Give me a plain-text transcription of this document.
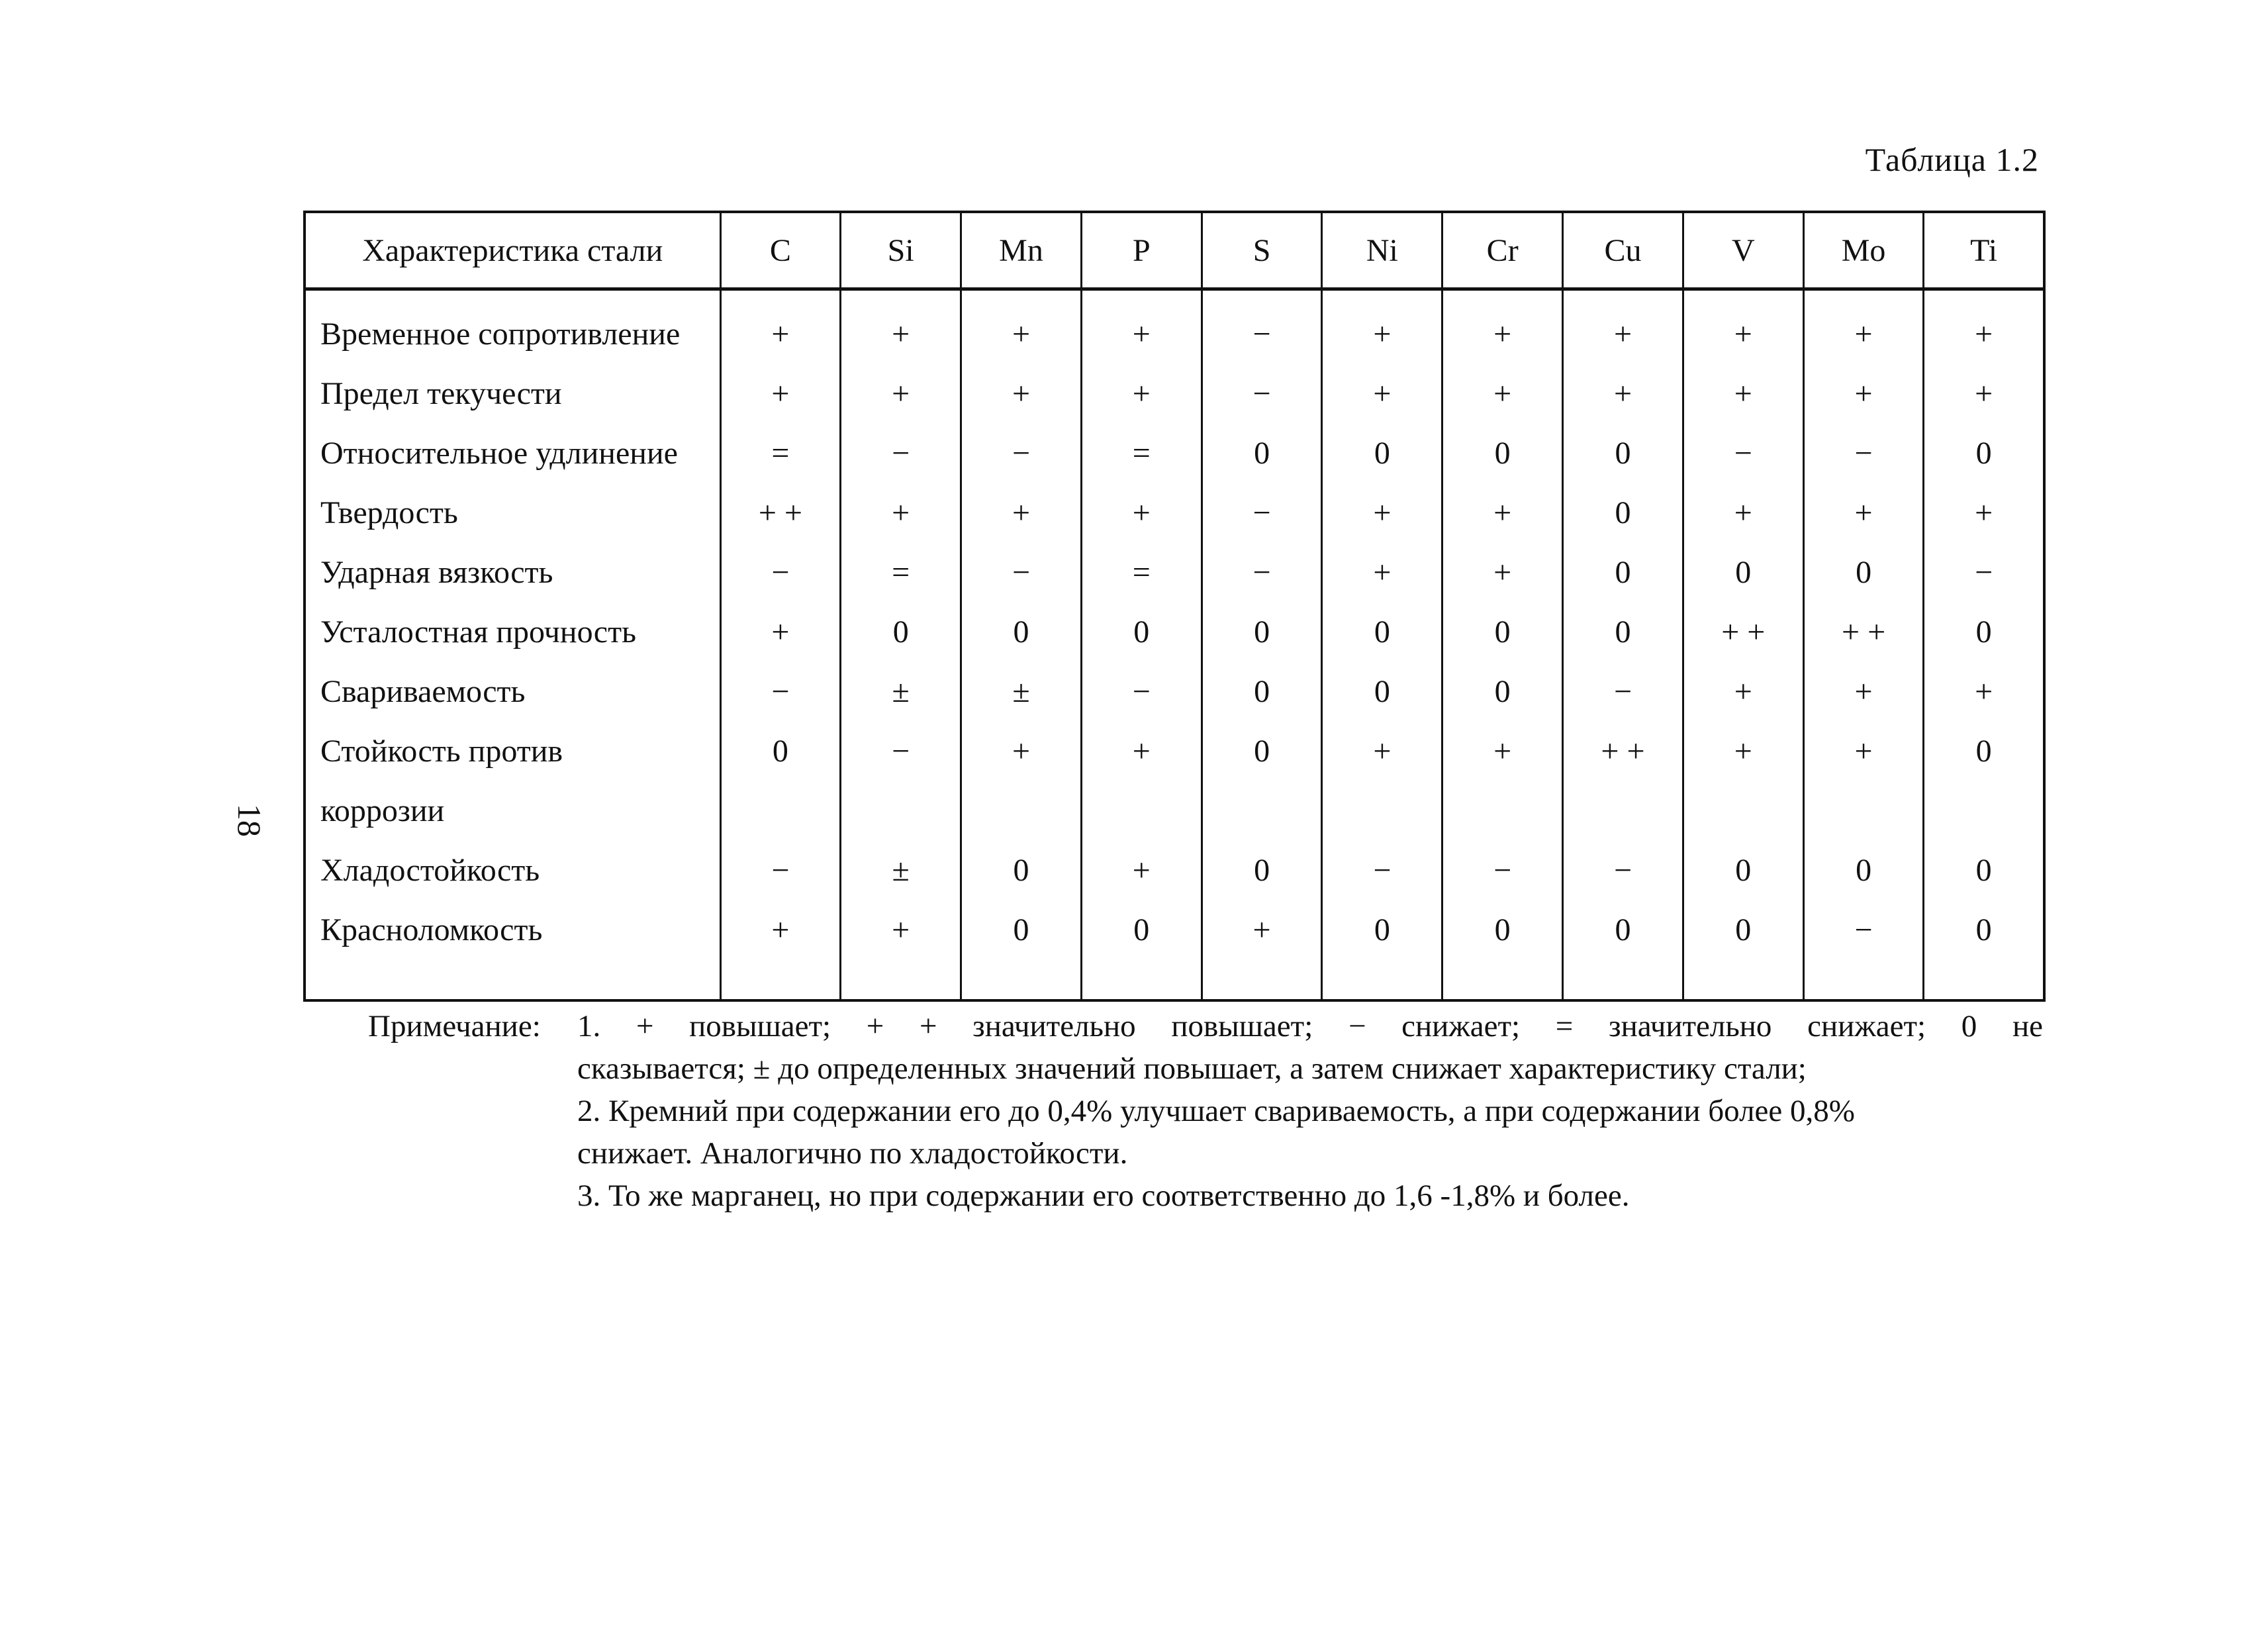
Таблица 1.2
18
Характеристика стали	C	Si	Mn	P	S	Ni	Cr	Cu	V	Mo	Ti
Временное сопротивление	+	+	+	+	−	+	+	+	+	+	+
Предел текучести	+	+	+	+	−	+	+	+	+	+	+
Относительное удлинение	=	−	−	=	0	0	0	0	−	−	0
Твердость	+ +	+	+	+	−	+	+	0	+	+	+
Ударная вязкость	−	=	−	=	−	+	+	0	0	0	−
Усталостная прочность	+	0	0	0	0	0	0	0	+ +	+ +	0
Свариваемость	−	±	±	−	0	0	0	−	+	+	+
Стойкость против	0	−	+	+	0	+	+	+ +	+	+	0
коррозии											
Хладостойкость	−	±	0	+	0	−	−	−	0	0	0
Красноломкость	+	+	0	0	+	0	0	0	0	−	0

Примечание:	1. + повышает; + + значительно повышает; − снижает; = значительно снижает; 0 не
сказывается; ± до определенных значений повышает, а затем снижает характеристику стали;
2. Кремний при содержании его до 0,4% улучшает свариваемость, а при содержании более 0,8%
снижает. Аналогично по хладостойкости.
3. То же марганец, но при содержании его соответственно до 1,6 -1,8% и более.
